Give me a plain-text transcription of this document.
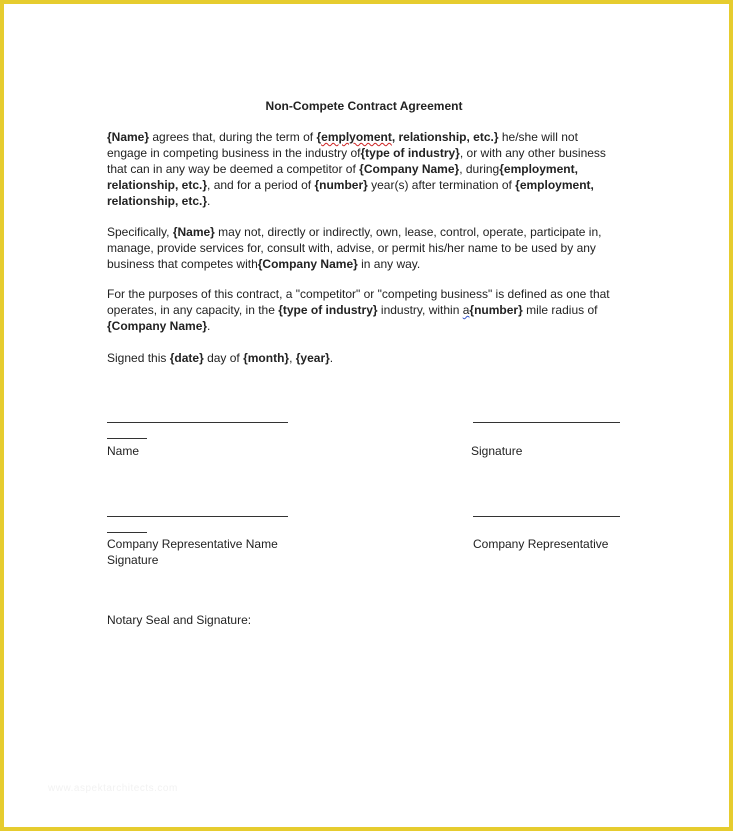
Non-Compete Contract Agreement
{Name} agrees that, during the term of {emplyoment, relationship, etc.} he/she will not engage in competing business in the industry of{type of industry}, or with any other business that can in any way be deemed a competitor of {Company Name}, during{employment, relationship, etc.}, and for a period of {number} year(s) after termination of {employment, relationship, etc.}.
Specifically, {Name} may not, directly or indirectly, own, lease, control, operate, participate in, manage, provide services for, consult with, advise, or permit his/her name to be used by any business that competes with{Company Name} in any way.
For the purposes of this contract, a "competitor" or "competing business" is defined as one that operates, in any capacity, in the {type of industry} industry, within a{number} mile radius of {Company Name}.
Signed this {date} day of {month}, {year}.
Name	Signature
Company Representative Name
Signature
Company Representative
Notary Seal and Signature:
www.aspektarchitects.com
